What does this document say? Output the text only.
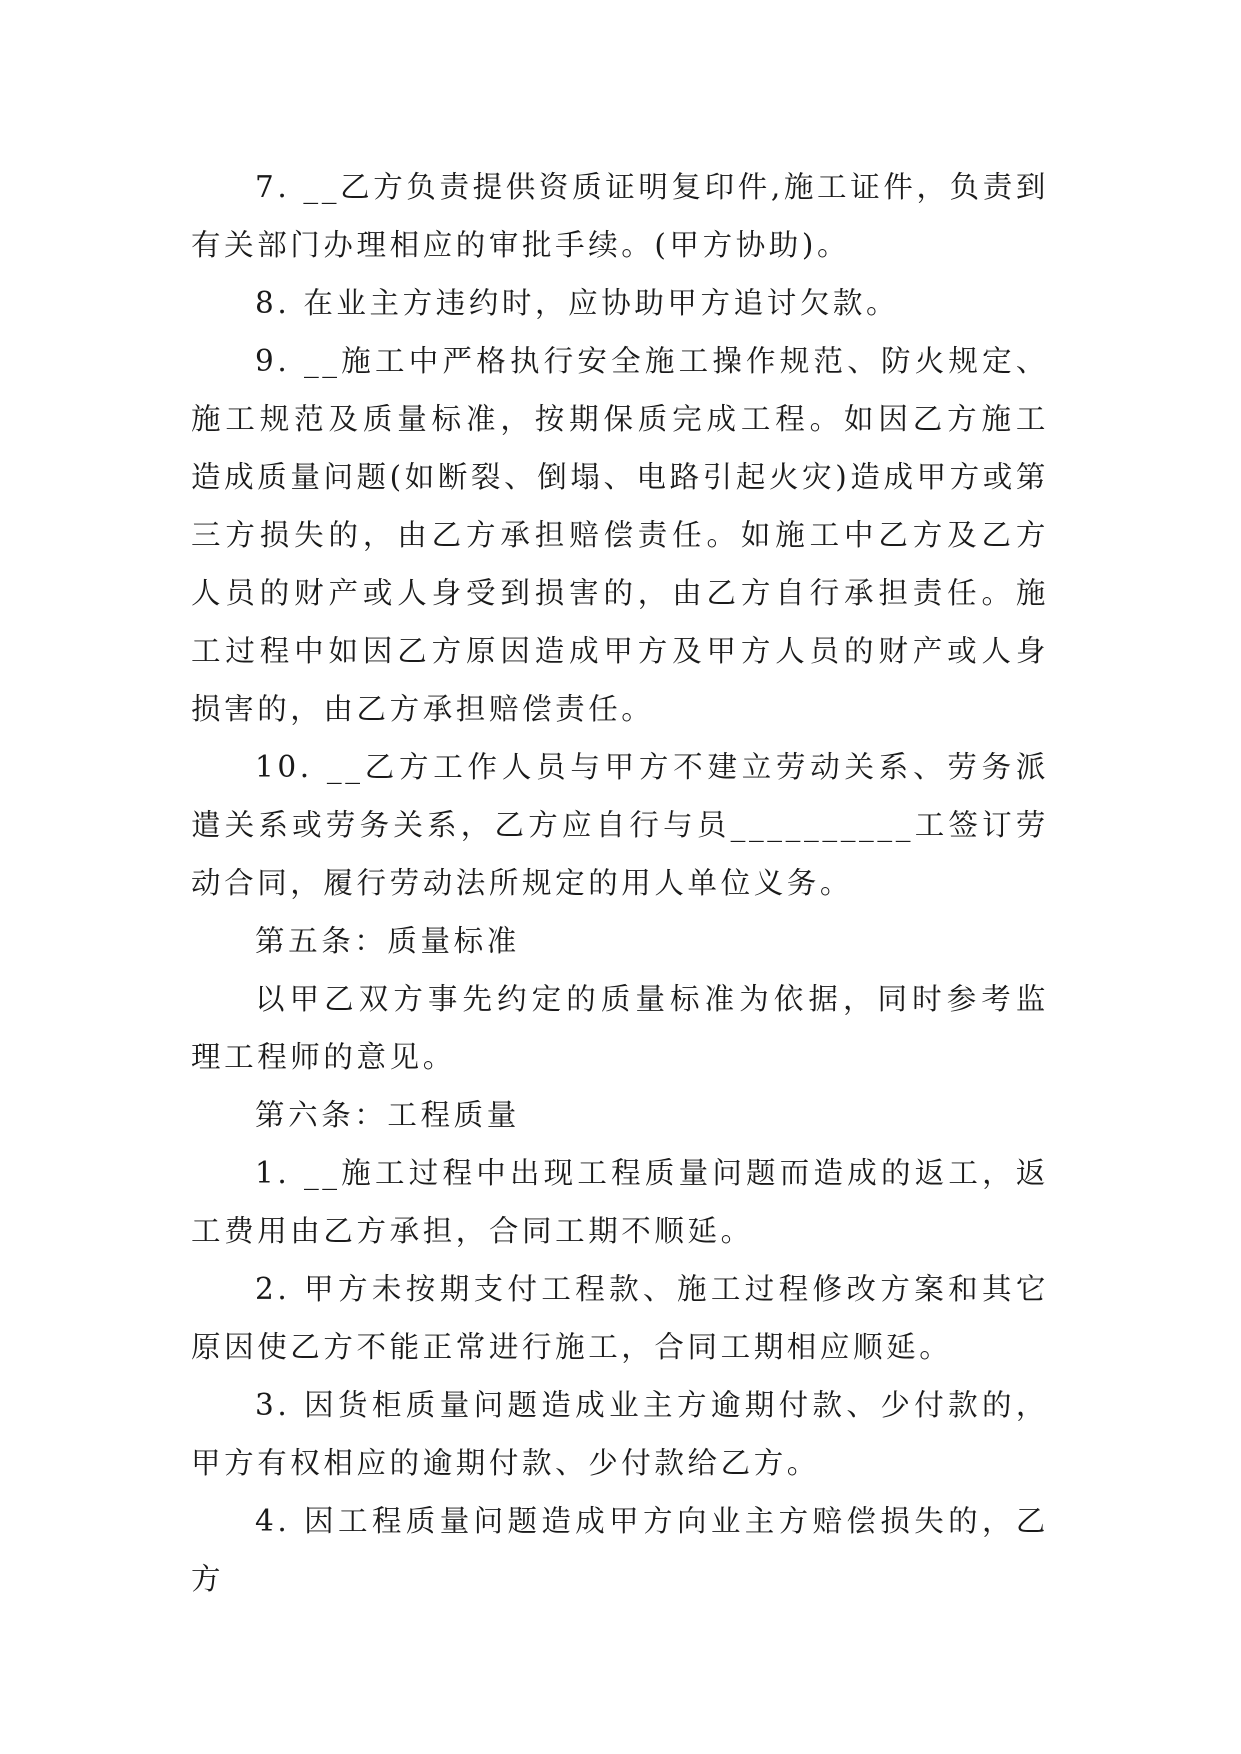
7. __乙方负责提供资质证明复印件,施工证件，负责到有关部门办理相应的审批手续。(甲方协助)。

8. 在业主方违约时，应协助甲方追讨欠款。

9. __施工中严格执行安全施工操作规范、防火规定、施工规范及质量标准，按期保质完成工程。如因乙方施工造成质量问题(如断裂、倒塌、电路引起火灾)造成甲方或第三方损失的，由乙方承担赔偿责任。如施工中乙方及乙方人员的财产或人身受到损害的，由乙方自行承担责任。施工过程中如因乙方原因造成甲方及甲方人员的财产或人身损害的，由乙方承担赔偿责任。

10. __乙方工作人员与甲方不建立劳动关系、劳务派遣关系或劳务关系，乙方应自行与员__________工签订劳动合同，履行劳动法所规定的用人单位义务。

第五条：质量标准

以甲乙双方事先约定的质量标准为依据，同时参考监理工程师的意见。

第六条：工程质量

1. __施工过程中出现工程质量问题而造成的返工，返工费用由乙方承担，合同工期不顺延。

2. 甲方未按期支付工程款、施工过程修改方案和其它原因使乙方不能正常进行施工，合同工期相应顺延。

3. 因货柜质量问题造成业主方逾期付款、少付款的，甲方有权相应的逾期付款、少付款给乙方。

4. 因工程质量问题造成甲方向业主方赔偿损失的，乙方
